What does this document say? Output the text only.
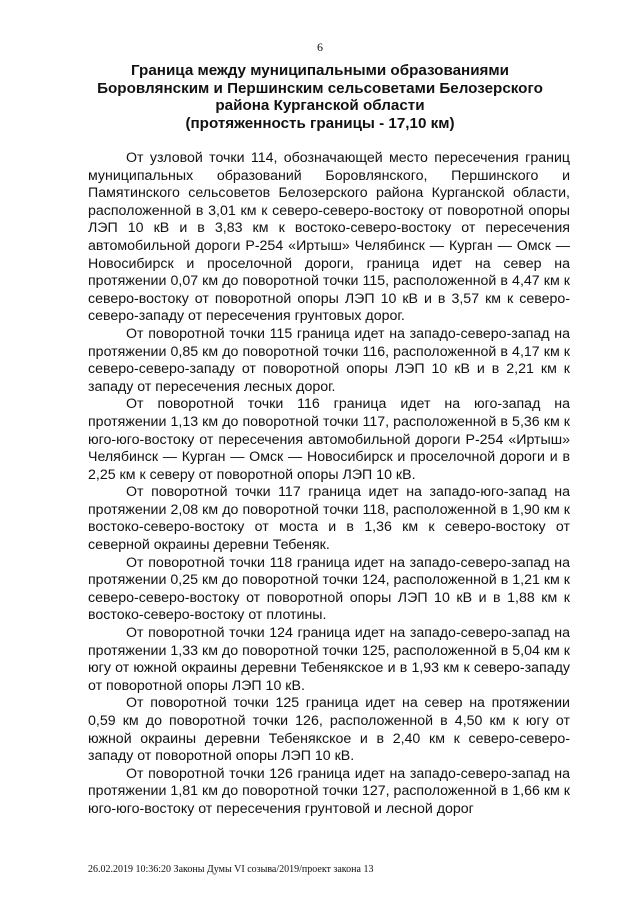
6
Граница между муниципальными образованиями
Боровлянским и Першинским сельсоветами Белозерского
района Курганской области
(протяженность границы - 17,10 км)

От узловой точки 114, обозначающей место пересечения границ муниципальных образований Боровлянского, Першинского и Памятинского сельсоветов Белозерского района Курганской области, расположенной в 3,01 км к северо-северо-востоку от поворотной опоры ЛЭП 10 кВ и в 3,83 км к востоко-северо-востоку от пересечения автомобильной дороги Р-254 «Иртыш» Челябинск — Курган — Омск — Новосибирск и проселочной дороги, граница идет на север на протяжении 0,07 км до поворотной точки 115, расположенной в 4,47 км к северо-востоку от поворотной опоры ЛЭП 10 кВ и в 3,57 км к северо-северо-западу от пересечения грунтовых дорог.

От поворотной точки 115 граница идет на западо-северо-запад на протяжении 0,85 км до поворотной точки 116, расположенной в 4,17 км к северо-северо-западу от поворотной опоры ЛЭП 10 кВ и в 2,21 км к западу от пересечения лесных дорог.

От поворотной точки 116 граница идет на юго-запад на протяжении 1,13 км до поворотной точки 117, расположенной в 5,36 км к юго-юго-востоку от пересечения автомобильной дороги Р-254 «Иртыш» Челябинск — Курган — Омск — Новосибирск и проселочной дороги и в 2,25 км к северу от поворотной опоры ЛЭП 10 кВ.

От поворотной точки 117 граница идет на западо-юго-запад на протяжении 2,08 км до поворотной точки 118, расположенной в 1,90 км к востоко-северо-востоку от моста и в 1,36 км к северо-востоку от северной окраины деревни Тебеняк.

От поворотной точки 118 граница идет на западо-северо-запад на протяжении 0,25 км до поворотной точки 124, расположенной в 1,21 км к северо-северо-востоку от поворотной опоры ЛЭП 10 кВ и в 1,88 км к востоко-северо-востоку от плотины.

От поворотной точки 124 граница идет на западо-северо-запад на протяжении 1,33 км до поворотной точки 125, расположенной в 5,04 км к югу от южной окраины деревни Тебенякское и в 1,93 км к северо-западу от поворотной опоры ЛЭП 10 кВ.

От поворотной точки 125 граница идет на север на протяжении 0,59 км до поворотной точки 126, расположенной в 4,50 км к югу от южной окраины деревни Тебенякское и в 2,40 км к северо-северо-западу от поворотной опоры ЛЭП 10 кВ.

От поворотной точки 126 граница идет на западо-северо-запад на протяжении 1,81 км до поворотной точки 127, расположенной в 1,66 км к юго-юго-востоку от пересечения грунтовой и лесной дорог

26.02.2019 10:36:20 Законы Думы VI созыва/2019/проект закона 13
